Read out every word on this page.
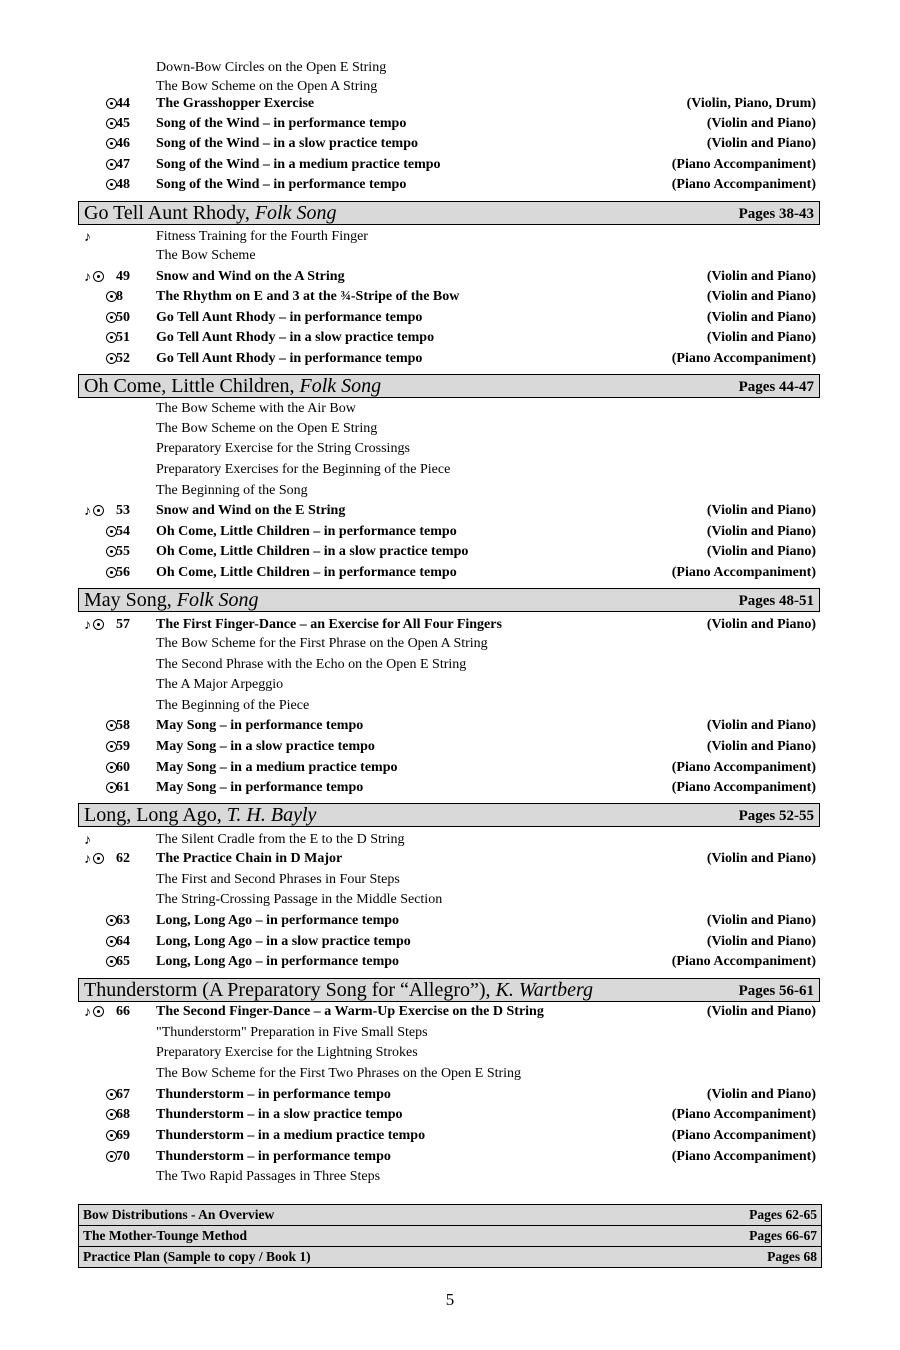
Down-Bow Circles on the Open E String
The Bow Scheme on the Open A String
44 The Grasshopper Exercise	(Violin, Piano, Drum)
45 Song of the Wind – in performance tempo	(Violin and Piano)
46 Song of the Wind – in a slow practice tempo	(Violin and Piano)
47 Song of the Wind – in a medium practice tempo	(Piano Accompaniment)
48 Song of the Wind – in performance tempo	(Piano Accompaniment)
Go Tell Aunt Rhody, Folk Song	Pages 38-43
♪	Fitness Training for the Fourth Finger
The Bow Scheme
♪	49 Snow and Wind on the A String	(Violin and Piano)
8 The Rhythm on E and 3 at the ¾-Stripe of the Bow	(Violin and Piano)
50 Go Tell Aunt Rhody – in performance tempo	(Violin and Piano)
51 Go Tell Aunt Rhody – in a slow practice tempo	(Violin and Piano)
52 Go Tell Aunt Rhody – in performance tempo	(Piano Accompaniment)
Oh Come, Little Children, Folk Song	Pages 44-47
The Bow Scheme with the Air Bow
The Bow Scheme on the Open E String
Preparatory Exercise for the String Crossings
Preparatory Exercises for the Beginning of the Piece
The Beginning of the Song
♪	53 Snow and Wind on the E String	(Violin and Piano)
54 Oh Come, Little Children – in performance tempo	(Violin and Piano)
55 Oh Come, Little Children – in a slow practice tempo	(Violin and Piano)
56 Oh Come, Little Children – in performance tempo	(Piano Accompaniment)
May Song, Folk Song	Pages 48-51
♪	57 The First Finger-Dance – an Exercise for All Four Fingers	(Violin and Piano)
The Bow Scheme for the First Phrase on the Open A String
The Second Phrase with the Echo on the Open E String
The A Major Arpeggio
The Beginning of the Piece
58 May Song – in performance tempo	(Violin and Piano)
59 May Song – in a slow practice tempo	(Violin and Piano)
60 May Song – in a medium practice tempo	(Piano Accompaniment)
61 May Song – in performance tempo	(Piano Accompaniment)
Long, Long Ago, T. H. Bayly	Pages 52-55
♪	The Silent Cradle from the E to the D String
♪	62 The Practice Chain in D Major	(Violin and Piano)
The First and Second Phrases in Four Steps
The String-Crossing Passage in the Middle Section
63 Long, Long Ago – in performance tempo	(Violin and Piano)
64 Long, Long Ago – in a slow practice tempo	(Violin and Piano)
65 Long, Long Ago – in performance tempo	(Piano Accompaniment)
Thunderstorm (A Preparatory Song for “Allegro”), K. Wartberg	Pages 56-61
♪	66 The Second Finger-Dance – a Warm-Up Exercise on the D String	(Violin and Piano)
"Thunderstorm" Preparation in Five Small Steps
Preparatory Exercise for the Lightning Strokes
The Bow Scheme for the First Two Phrases on the Open E String
67 Thunderstorm – in performance tempo	(Violin and Piano)
68 Thunderstorm – in a slow practice tempo	(Piano Accompaniment)
69 Thunderstorm – in a medium practice tempo	(Piano Accompaniment)
70 Thunderstorm – in performance tempo	(Piano Accompaniment)
The Two Rapid Passages in Three Steps
Bow Distributions - An Overview	Pages 62-65
The Mother-Tounge Method	Pages 66-67
Practice Plan (Sample to copy / Book 1)	Pages 68
5
